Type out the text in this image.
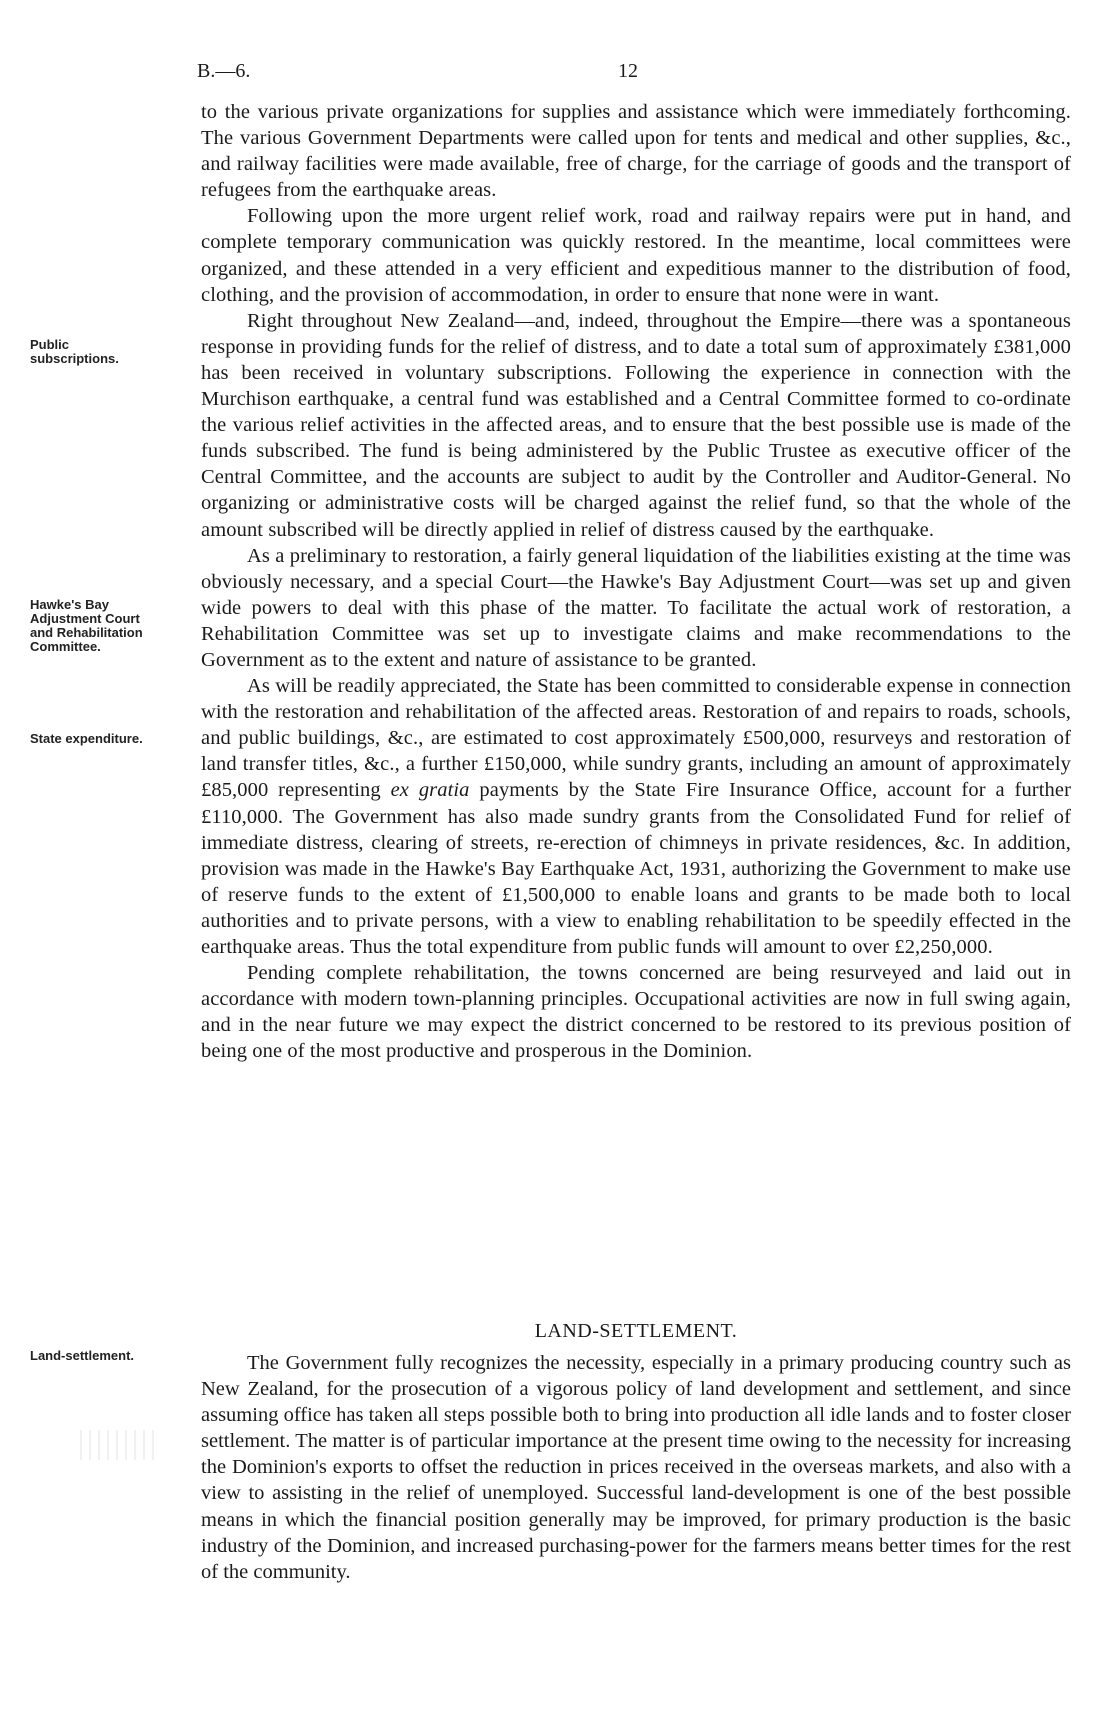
B.—6.	12
Public subscriptions.
Hawke's Bay Adjustment Court and Rehabilitation Committee.
State expenditure.
Land-settlement.

to the various private organizations for supplies and assistance which were immediately forthcoming. The various Government Departments were called upon for tents and medical and other supplies, &c., and railway facilities were made available, free of charge, for the carriage of goods and the transport of refugees from the earthquake areas.

Following upon the more urgent relief work, road and railway repairs were put in hand, and complete temporary communication was quickly restored. In the meantime, local committees were organized, and these attended in a very efficient and expeditious manner to the distribution of food, clothing, and the provision of accommodation, in order to ensure that none were in want.

Right throughout New Zealand—and, indeed, throughout the Empire—there was a spontaneous response in providing funds for the relief of distress, and to date a total sum of approximately £381,000 has been received in voluntary subscriptions. Following the experience in connection with the Murchison earthquake, a central fund was established and a Central Committee formed to co-ordinate the various relief activities in the affected areas, and to ensure that the best possible use is made of the funds subscribed. The fund is being administered by the Public Trustee as executive officer of the Central Committee, and the accounts are subject to audit by the Controller and Auditor-General. No organizing or administrative costs will be charged against the relief fund, so that the whole of the amount subscribed will be directly applied in relief of distress caused by the earthquake.

As a preliminary to restoration, a fairly general liquidation of the liabilities existing at the time was obviously necessary, and a special Court—the Hawke's Bay Adjustment Court—was set up and given wide powers to deal with this phase of the matter. To facilitate the actual work of restoration, a Rehabilitation Committee was set up to investigate claims and make recommendations to the Government as to the extent and nature of assistance to be granted.

As will be readily appreciated, the State has been committed to considerable expense in connection with the restoration and rehabilitation of the affected areas. Restoration of and repairs to roads, schools, and public buildings, &c., are estimated to cost approximately £500,000, resurveys and restoration of land transfer titles, &c., a further £150,000, while sundry grants, including an amount of approximately £85,000 representing ex gratia payments by the State Fire Insurance Office, account for a further £110,000. The Government has also made sundry grants from the Consolidated Fund for relief of immediate distress, clearing of streets, re-erection of chimneys in private residences, &c. In addition, provision was made in the Hawke's Bay Earthquake Act, 1931, authorizing the Government to make use of reserve funds to the extent of £1,500,000 to enable loans and grants to be made both to local authorities and to private persons, with a view to enabling rehabilitation to be speedily effected in the earthquake areas. Thus the total expenditure from public funds will amount to over £2,250,000.

Pending complete rehabilitation, the towns concerned are being resurveyed and laid out in accordance with modern town-planning principles. Occupational activities are now in full swing again, and in the near future we may expect the district concerned to be restored to its previous position of being one of the most productive and prosperous in the Dominion.

LAND-SETTLEMENT.

The Government fully recognizes the necessity, especially in a primary producing country such as New Zealand, for the prosecution of a vigorous policy of land development and settlement, and since assuming office has taken all steps possible both to bring into production all idle lands and to foster closer settlement. The matter is of particular importance at the present time owing to the necessity for increasing the Dominion's exports to offset the reduction in prices received in the overseas markets, and also with a view to assisting in the relief of unemployed. Successful land-development is one of the best possible means in which the financial position generally may be improved, for primary production is the basic industry of the Dominion, and increased purchasing-power for the farmers means better times for the rest of the community.
